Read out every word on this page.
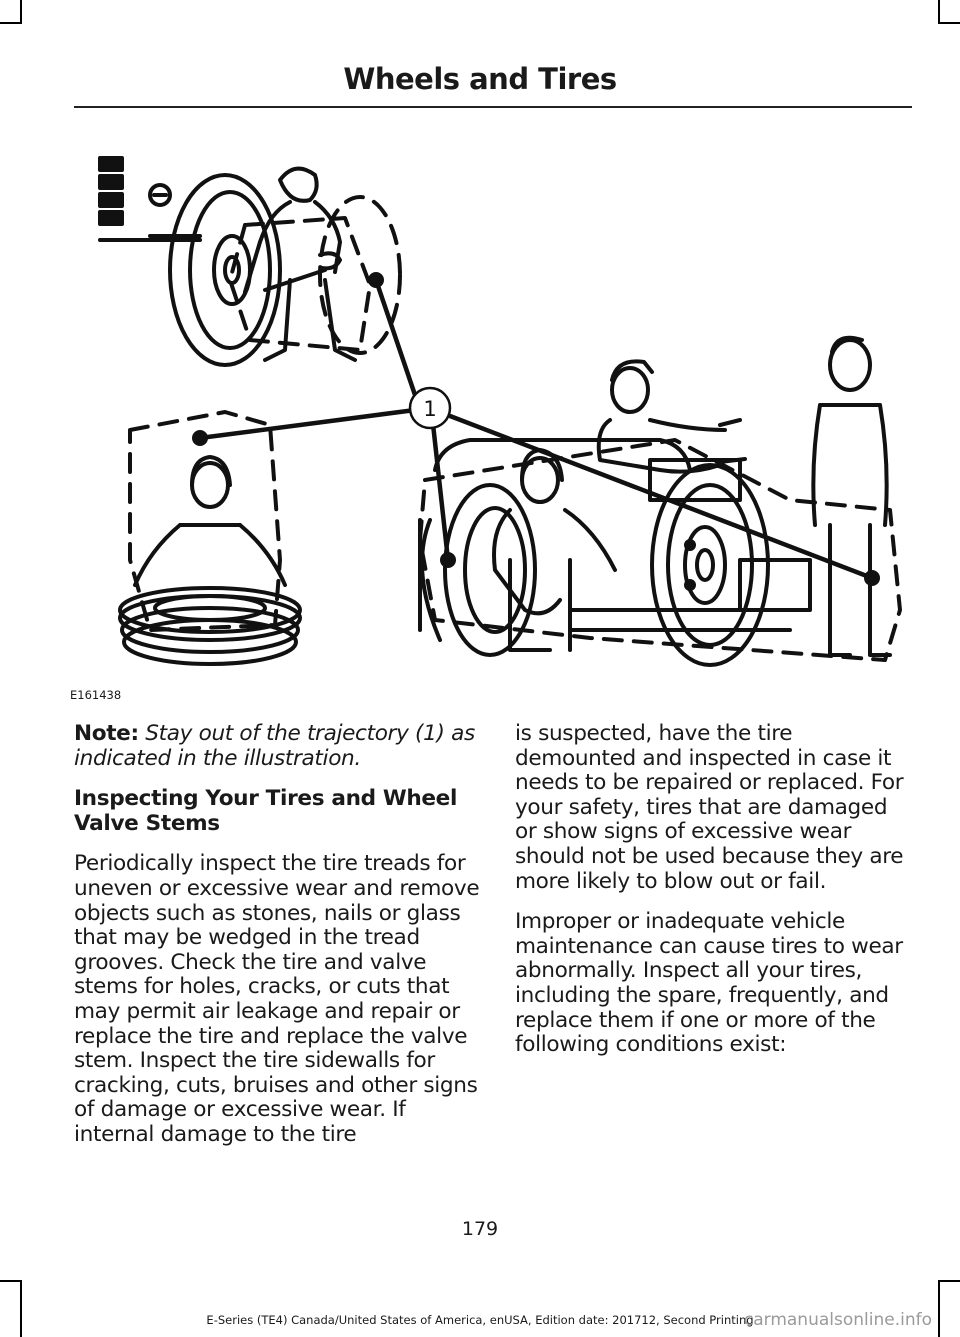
Wheels and Tires
1
E161438

Note: Stay out of the trajectory (1) as indicated in the illustration.

Inspecting Your Tires and Wheel Valve Stems

Periodically inspect the tire treads for uneven or excessive wear and remove objects such as stones, nails or glass that may be wedged in the tread grooves. Check the tire and valve stems for holes, cracks, or cuts that may permit air leakage and repair or replace the tire and replace the valve stem. Inspect the tire sidewalls for cracking, cuts, bruises and other signs of damage or excessive wear. If internal damage to the tire

is suspected, have the tire demounted and inspected in case it needs to be repaired or replaced. For your safety, tires that are damaged or show signs of excessive wear should not be used because they are more likely to blow out or fail.

Improper or inadequate vehicle maintenance can cause tires to wear abnormally. Inspect all your tires, including the spare, frequently, and replace them if one or more of the following conditions exist:

179
E-Series (TE4) Canada/United States of America, enUSA, Edition date: 201712, Second Printing
carmanualsonline.info
